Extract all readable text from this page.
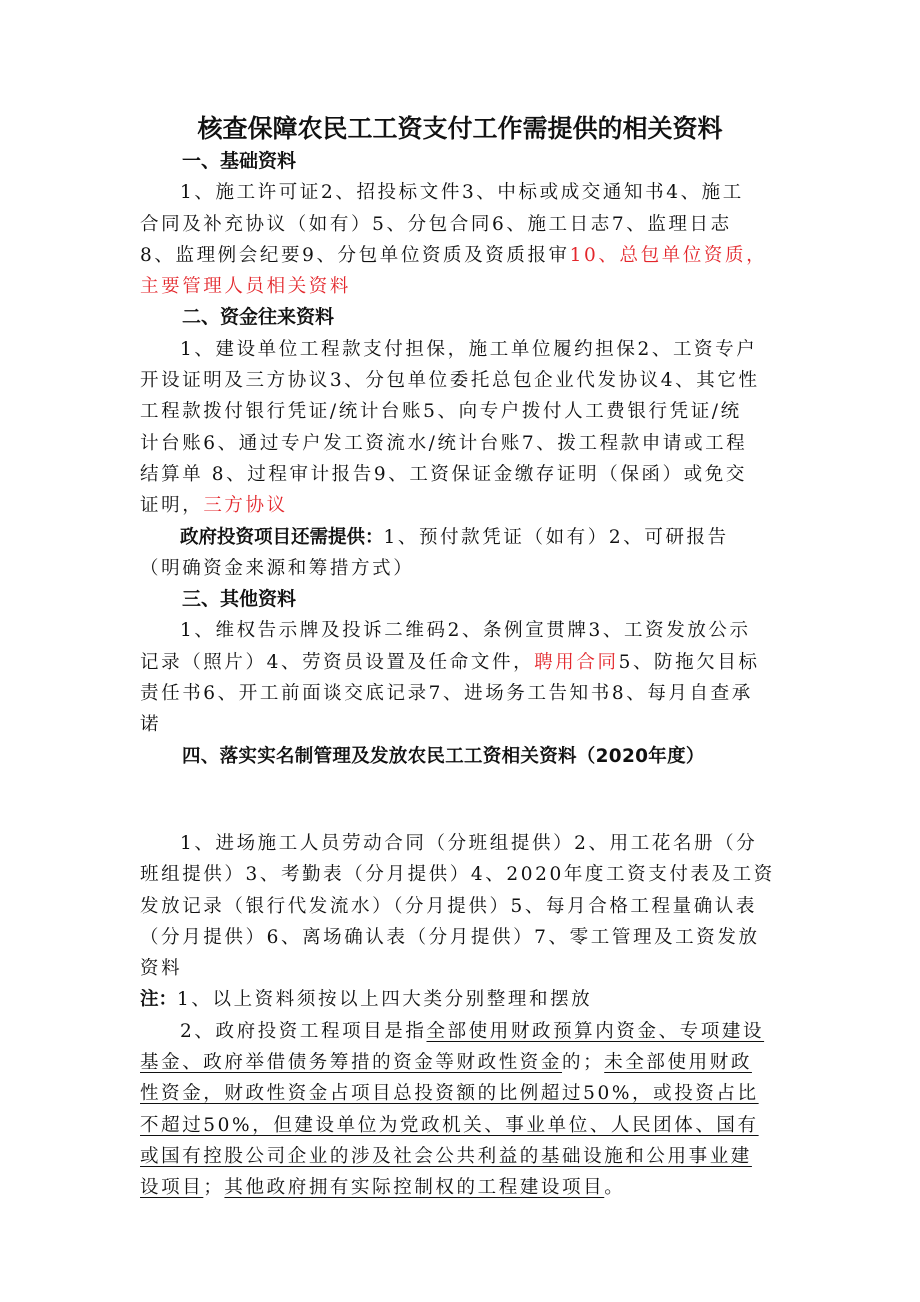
核查保障农民工工资支付工作需提供的相关资料
一、基础资料
1、施工许可证2、招投标文件3、中标或成交通知书4、施工
合同及补充协议（如有）5、分包合同6、施工日志7、监理日志
8、监理例会纪要9、分包单位资质及资质报审10、总包单位资质，
主要管理人员相关资料
二、资金往来资料
1、建设单位工程款支付担保，施工单位履约担保2、工资专户
开设证明及三方协议3、分包单位委托总包企业代发协议4、其它性
工程款拨付银行凭证/统计台账5、向专户拨付人工费银行凭证/统
计台账6、通过专户发工资流水/统计台账7、拨工程款申请或工程
结算单 8、过程审计报告9、工资保证金缴存证明（保函）或免交
证明，三方协议
政府投资项目还需提供：1、预付款凭证（如有）2、可研报告
（明确资金来源和筹措方式）
三、其他资料
1、维权告示牌及投诉二维码2、条例宣贯牌3、工资发放公示
记录（照片）4、劳资员设置及任命文件，聘用合同5、防拖欠目标
责任书6、开工前面谈交底记录7、进场务工告知书8、每月自查承
诺
四、落实实名制管理及发放农民工工资相关资料（2020年度）
1、进场施工人员劳动合同（分班组提供）2、用工花名册（分
班组提供）3、考勤表（分月提供）4、2020年度工资支付表及工资
发放记录（银行代发流水）（分月提供）5、每月合格工程量确认表
（分月提供）6、离场确认表（分月提供）7、零工管理及工资发放
资料
注：1、以上资料须按以上四大类分别整理和摆放
2、政府投资工程项目是指全部使用财政预算内资金、专项建设
基金、政府举借债务筹措的资金等财政性资金的；未全部使用财政
性资金，财政性资金占项目总投资额的比例超过50%，或投资占比
不超过50%，但建设单位为党政机关、事业单位、人民团体、国有
或国有控股公司企业的涉及社会公共利益的基础设施和公用事业建
设项目；其他政府拥有实际控制权的工程建设项目。
